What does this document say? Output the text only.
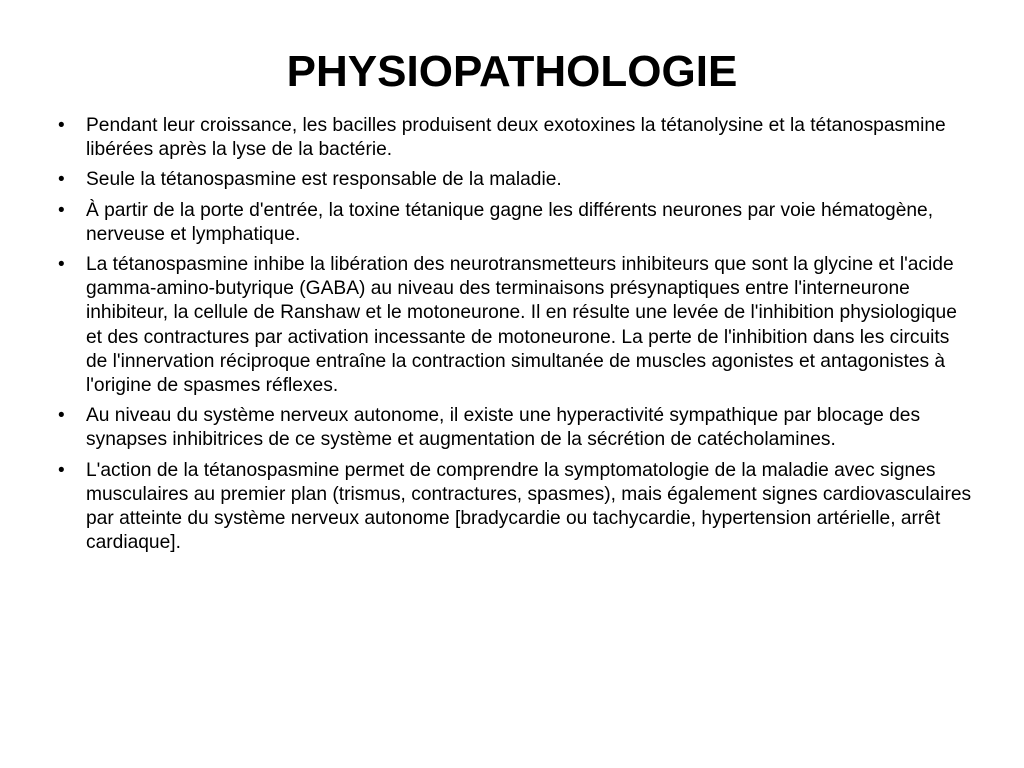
PHYSIOPATHOLOGIE
• Pendant leur croissance, les bacilles produisent deux exotoxines la tétanolysine et la tétanospasmine libérées après la lyse de la bactérie.
• Seule la tétanospasmine est responsable de la maladie.
• À partir de la porte d'entrée, la toxine tétanique gagne les différents neurones par voie hématogène, nerveuse et lymphatique.
• La tétanospasmine inhibe la libération des neurotransmetteurs inhibiteurs que sont la glycine et l'acide gamma-amino-butyrique (GABA) au niveau des terminaisons présynaptiques entre l'interneurone inhibiteur, la cellule de Ranshaw et le motoneurone. Il en résulte une levée de l'inhibition physiologique et des contractures par activation incessante de motoneurone. La perte de l'inhibition dans les circuits de l'innervation réciproque entraîne la contraction simultanée de muscles agonistes et antagonistes à l'origine de spasmes réflexes.
• Au niveau du système nerveux autonome, il existe une hyperactivité sympathique par blocage des synapses inhibitrices de ce système et augmentation de la sécrétion de catécholamines.
• L'action de la tétanospasmine permet de comprendre la symptomatologie de la maladie avec signes musculaires au premier plan (trismus, contractures, spasmes), mais également signes cardiovasculaires par atteinte du système nerveux autonome [bradycardie ou tachycardie, hypertension artérielle, arrêt cardiaque].
